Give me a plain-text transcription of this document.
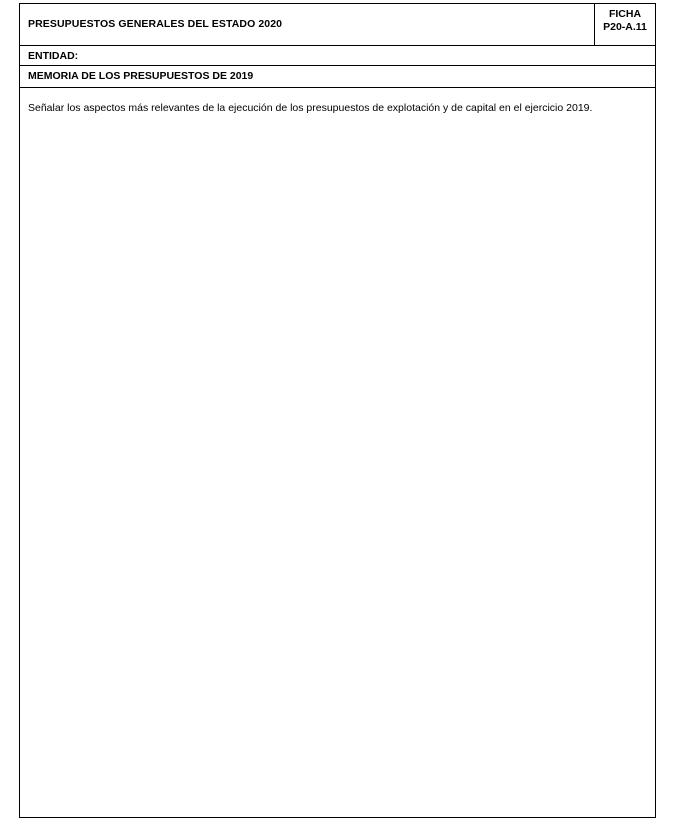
PRESUPUESTOS GENERALES DEL ESTADO 2020
FICHA
P20-A.11
ENTIDAD:
MEMORIA DE LOS PRESUPUESTOS DE 2019
Señalar los aspectos más relevantes de la ejecución de los presupuestos de explotación y de capital en el ejercicio 2019.
